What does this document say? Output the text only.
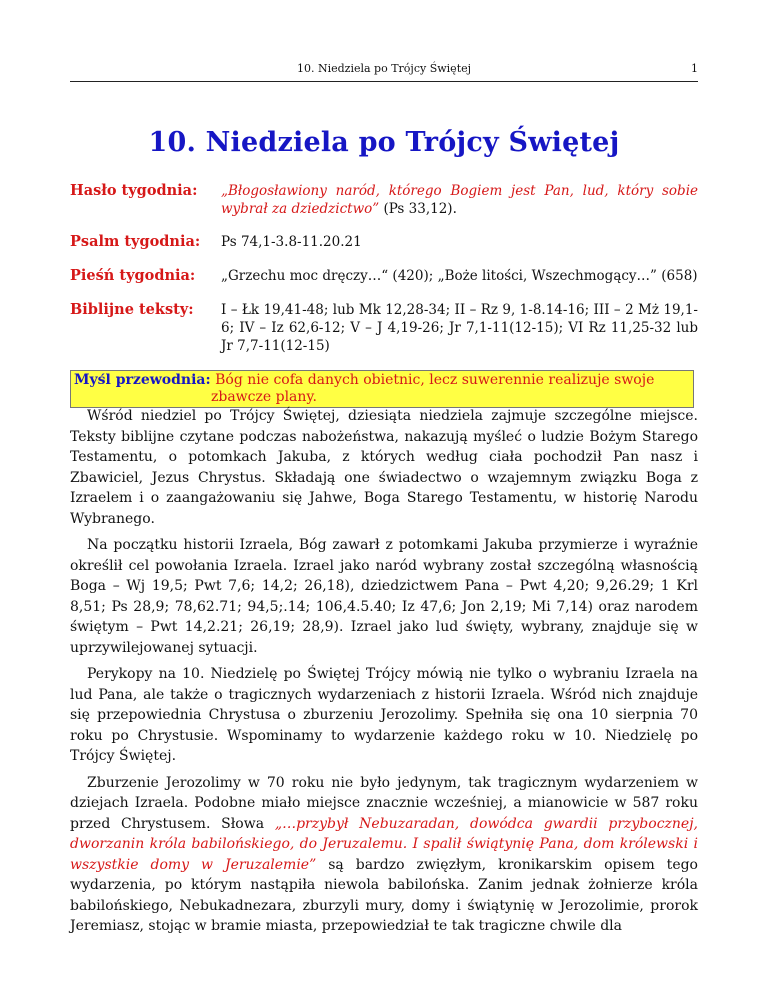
10. Niedziela po Trójcy Świętej	1
10. Niedziela po Trójcy Świętej
Hasło tygodnia:	„Błogosławiony naród, którego Bogiem jest Pan, lud, który sobie wybrał za dziedzictwo” (Ps 33,12).
Psalm tygodnia:	Ps 74,1-3.8-11.20.21
Pieśń tygodnia:	„Grzechu moc dręczy…“ (420); „Boże litości, Wszechmogący…” (658)
Biblijne teksty:	I – Łk 19,41-48; lub Mk 12,28-34; II – Rz 9, 1-8.14-16; III – 2 Mż 19,1-6; IV – Iz 62,6-12; V – J 4,19-26; Jr 7,1-11(12-15); VI Rz 11,25-32 lub Jr 7,7-11(12-15)
Myśl przewodnia: Bóg nie cofa danych obietnic, lecz suwerennie realizuje swoje
zbawcze plany.

Wśród niedziel po Trójcy Świętej, dziesiąta niedziela zajmuje szczególne miejsce. Teksty biblijne czytane podczas nabożeństwa, nakazują myśleć o ludzie Bożym Starego Testamentu, o potomkach Jakuba, z których według ciała pochodził Pan nasz i Zbawiciel, Jezus Chrystus. Składają one świadectwo o wzajemnym związku Boga z Izraelem i o zaangażowaniu się Jahwe, Boga Starego Testamentu, w historię Narodu Wybranego.

Na początku historii Izraela, Bóg zawarł z potomkami Jakuba przymierze i wyraźnie określił cel powołania Izraela. Izrael jako naród wybrany został szczególną własnością Boga – Wj 19,5; Pwt 7,6; 14,2; 26,18), dziedzictwem Pana – Pwt 4,20; 9,26.29; 1 Krl 8,51; Ps 28,9; 78,62.71; 94,5;.14; 106,4.5.40; Iz 47,6; Jon 2,19; Mi 7,14) oraz narodem świętym – Pwt 14,2.21; 26,19; 28,9). Izrael jako lud święty, wybrany, znajduje się w uprzywilejowanej sytuacji.

Perykopy na 10. Niedzielę po Świętej Trójcy mówią nie tylko o wybraniu Izraela na lud Pana, ale także o tragicznych wydarzeniach z historii Izraela. Wśród nich znajduje się przepowiednia Chrystusa o zburzeniu Jerozolimy. Spełniła się ona 10 sierpnia 70 roku po Chrystusie. Wspominamy to wydarzenie każdego roku w 10. Niedzielę po Trójcy Świętej.

Zburzenie Jerozolimy w 70 roku nie było jedynym, tak tragicznym wydarzeniem w dziejach Izraela. Podobne miało miejsce znacznie wcześniej, a mianowicie w 587 roku przed Chrystusem. Słowa „…przybył Nebuzaradan, dowódca gwardii przybocznej, dworzanin króla babilońskiego, do Jeruzalemu. I spalił świątynię Pana, dom królewski i wszystkie domy w Jeruzalemie” są bardzo zwięzłym, kronikarskim opisem tego wydarzenia, po którym nastąpiła niewola babilońska. Zanim jednak żołnierze króla babilońskiego, Nebukadnezara, zburzyli mury, domy i świątynię w Jerozolimie, prorok Jeremiasz, stojąc w bramie miasta, przepowiedział te tak tragiczne chwile dla
